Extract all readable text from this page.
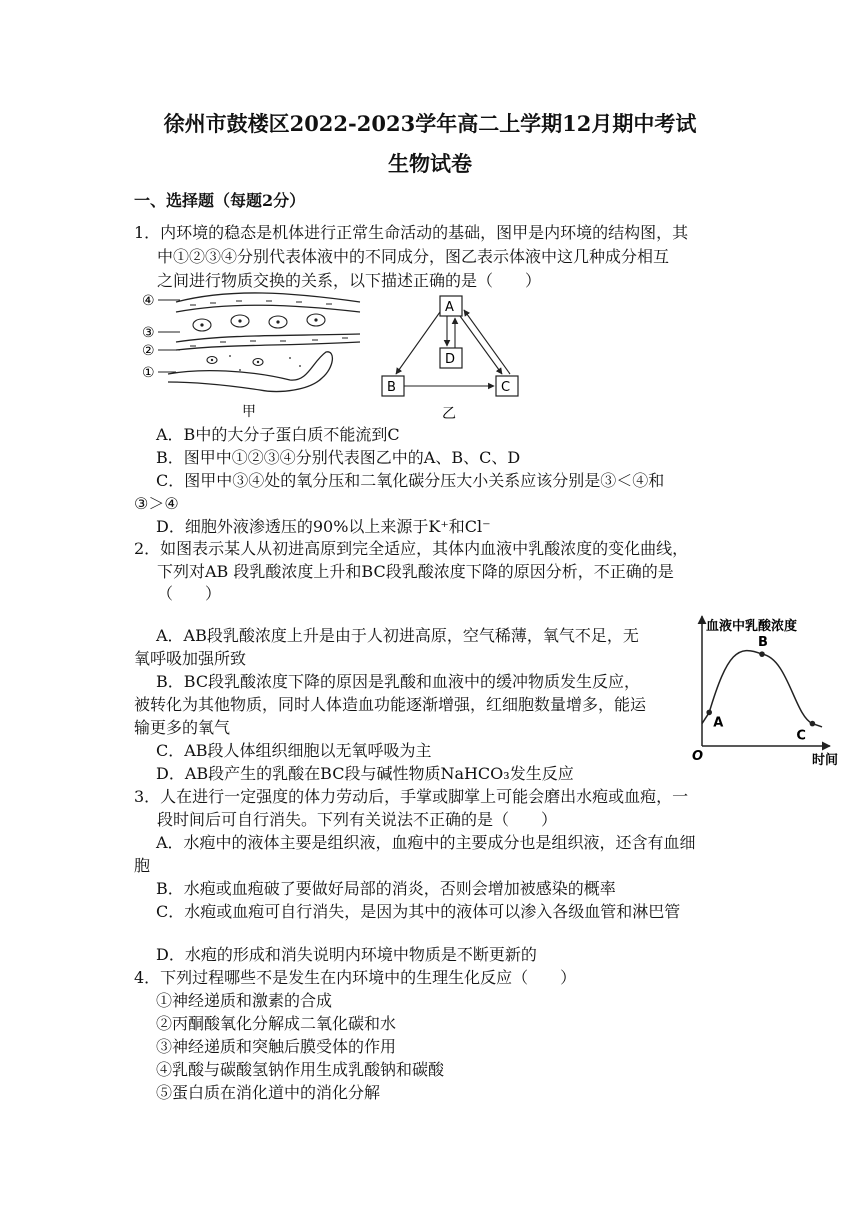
徐州市鼓楼区2022-2023学年高二上学期12月期中考试
生物试卷
一、选择题（每题2分）
1．内环境的稳态是机体进行正常生命活动的基础，图甲是内环境的结构图，其
中①②③④分别代表体液中的不同成分，图乙表示体液中这几种成分相互
之间进行物质交换的关系，以下描述正确的是（　　）
④
③
②
①
甲
A
B	C
D
乙
A．B中的大分子蛋白质不能流到C
B．图甲中①②③④分别代表图乙中的A、B、C、D
C．图甲中③④处的氧分压和二氧化碳分压大小关系应该分别是③＜④和
③＞④
D．细胞外液渗透压的90%以上来源于K⁺和Cl⁻
2．如图表示某人从初进高原到完全适应，其体内血液中乳酸浓度的变化曲线，
下列对AB 段乳酸浓度上升和BC段乳酸浓度下降的原因分析，不正确的是
（　　）
A．AB段乳酸浓度上升是由于人初进高原，空气稀薄，氧气不足，无
氧呼吸加强所致
B．BC段乳酸浓度下降的原因是乳酸和血液中的缓冲物质发生反应，
被转化为其他物质，同时人体造血功能逐渐增强，红细胞数量增多，能运
输更多的氧气
C．AB段人体组织细胞以无氧呼吸为主
D．AB段产生的乳酸在BC段与碱性物质NaHCO₃发生反应
血液中乳酸浓度
时间
O
A
B
C
3．人在进行一定强度的体力劳动后，手掌或脚掌上可能会磨出水疱或血疱，一
段时间后可自行消失。下列有关说法不正确的是（　　）
A．水疱中的液体主要是组织液，血疱中的主要成分也是组织液，还含有血细
胞
B．水疱或血疱破了要做好局部的消炎，否则会增加被感染的概率
C．水疱或血疱可自行消失，是因为其中的液体可以渗入各级血管和淋巴管
D．水疱的形成和消失说明内环境中物质是不断更新的
4．下列过程哪些不是发生在内环境中的生理生化反应（　　）
①神经递质和激素的合成
②丙酮酸氧化分解成二氧化碳和水
③神经递质和突触后膜受体的作用
④乳酸与碳酸氢钠作用生成乳酸钠和碳酸
⑤蛋白质在消化道中的消化分解
